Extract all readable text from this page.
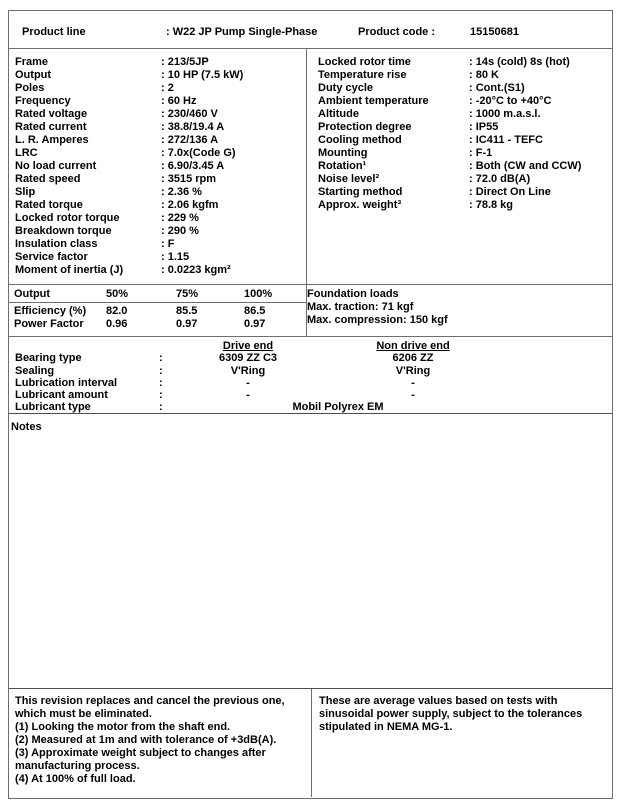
Product line	: W22 JP Pump Single-Phase	Product code :	15150681
Frame	: 213/5JP
Output	: 10 HP (7.5 kW)
Poles	: 2
Frequency	: 60 Hz
Rated voltage	: 230/460 V
Rated current	: 38.8/19.4 A
L. R. Amperes	: 272/136 A
LRC	: 7.0x(Code G)
No load current	: 6.90/3.45 A
Rated speed	: 3515 rpm
Slip	: 2.36 %
Rated torque	: 2.06 kgfm
Locked rotor torque	: 229 %
Breakdown torque	: 290 %
Insulation class	: F
Service factor	: 1.15
Moment of inertia (J)	: 0.0223 kgm²
Locked rotor time	: 14s (cold) 8s (hot)
Temperature rise	: 80 K
Duty cycle	: Cont.(S1)
Ambient temperature	: -20°C to +40°C
Altitude	: 1000 m.a.s.l.
Protection degree	: IP55
Cooling method	: IC411 - TEFC
Mounting	: F-1
Rotation¹	: Both (CW and CCW)
Noise level²	: 72.0 dB(A)
Starting method	: Direct On Line
Approx. weight³	: 78.8 kg
Output	50%	75%	100%
Efficiency (%)	82.0	85.5	86.5
Power Factor	0.96	0.97	0.97
Foundation loads
Max. traction : 71 kgf
Max. compression : 150 kgf
Drive end	Non drive end
Bearing type	:	6309 ZZ C3	6206 ZZ
Sealing	:	V'Ring	V'Ring
Lubrication interval	:	-	-
Lubricant amount	:	-	-
Lubricant type	:	Mobil Polyrex EM
Notes

This revision replaces and cancel the previous one, which must be eliminated.

(1) Looking the motor from the shaft end.

(2) Measured at 1m and with tolerance of +3dB(A).

(3) Approximate weight subject to changes after manufacturing process.

(4) At 100% of full load.

These are average values based on tests with sinusoidal power supply, subject to the tolerances stipulated in NEMA MG-1.
